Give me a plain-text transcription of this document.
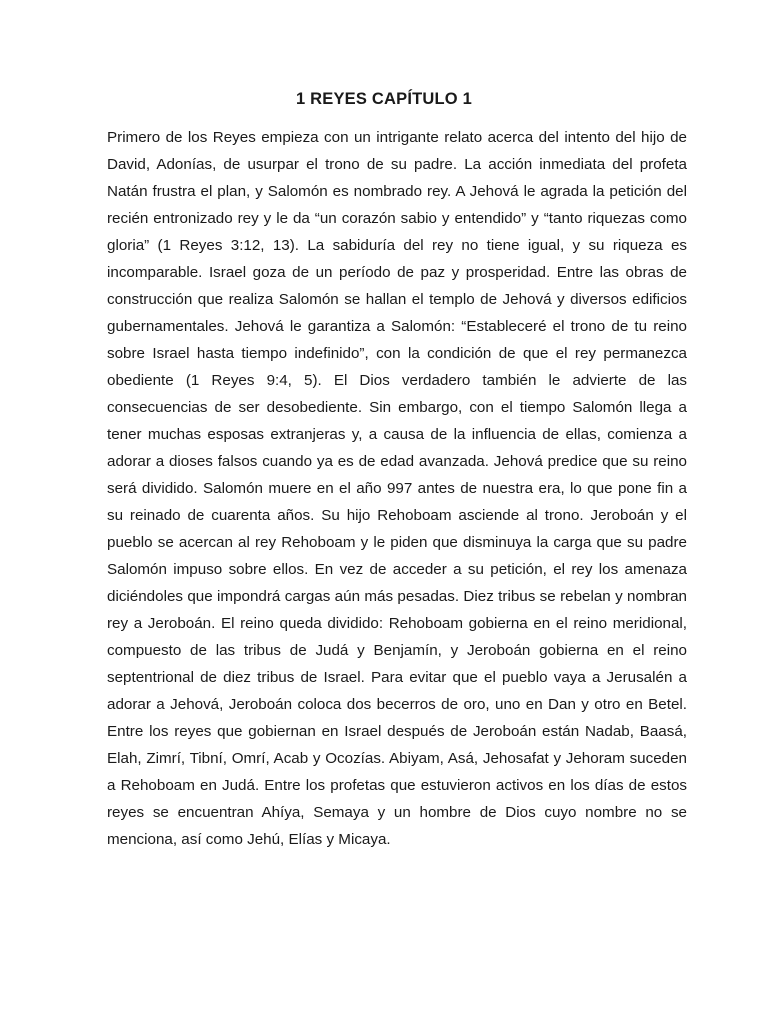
1 REYES CAPÍTULO 1

Primero de los Reyes empieza con un intrigante relato acerca del intento del hijo de David, Adonías, de usurpar el trono de su padre. La acción inmediata del profeta Natán frustra el plan, y Salomón es nombrado rey. A Jehová le agrada la petición del recién entronizado rey y le da “un corazón sabio y entendido” y “tanto riquezas como gloria” (1 Reyes 3:12, 13). La sabiduría del rey no tiene igual, y su riqueza es incomparable. Israel goza de un período de paz y prosperidad. Entre las obras de construcción que realiza Salomón se hallan el templo de Jehová y diversos edificios gubernamentales. Jehová le garantiza a Salomón: “Estableceré el trono de tu reino sobre Israel hasta tiempo indefinido”, con la condición de que el rey permanezca obediente (1 Reyes 9:4, 5). El Dios verdadero también le advierte de las consecuencias de ser desobediente. Sin embargo, con el tiempo Salomón llega a tener muchas esposas extranjeras y, a causa de la influencia de ellas, comienza a adorar a dioses falsos cuando ya es de edad avanzada. Jehová predice que su reino será dividido. Salomón muere en el año 997 antes de nuestra era, lo que pone fin a su reinado de cuarenta años. Su hijo Rehoboam asciende al trono. Jeroboán y el pueblo se acercan al rey Rehoboam y le piden que disminuya la carga que su padre Salomón impuso sobre ellos. En vez de acceder a su petición, el rey los amenaza diciéndoles que impondrá cargas aún más pesadas. Diez tribus se rebelan y nombran rey a Jeroboán. El reino queda dividido: Rehoboam gobierna en el reino meridional, compuesto de las tribus de Judá y Benjamín, y Jeroboán gobierna en el reino septentrional de diez tribus de Israel. Para evitar que el pueblo vaya a Jerusalén a adorar a Jehová, Jeroboán coloca dos becerros de oro, uno en Dan y otro en Betel. Entre los reyes que gobiernan en Israel después de Jeroboán están Nadab, Baasá, Elah, Zimrí, Tibní, Omrí, Acab y Ocozías. Abiyam, Asá, Jehosafat y Jehoram suceden a Rehoboam en Judá. Entre los profetas que estuvieron activos en los días de estos reyes se encuentran Ahíya, Semaya y un hombre de Dios cuyo nombre no se menciona, así como Jehú, Elías y Micaya.
